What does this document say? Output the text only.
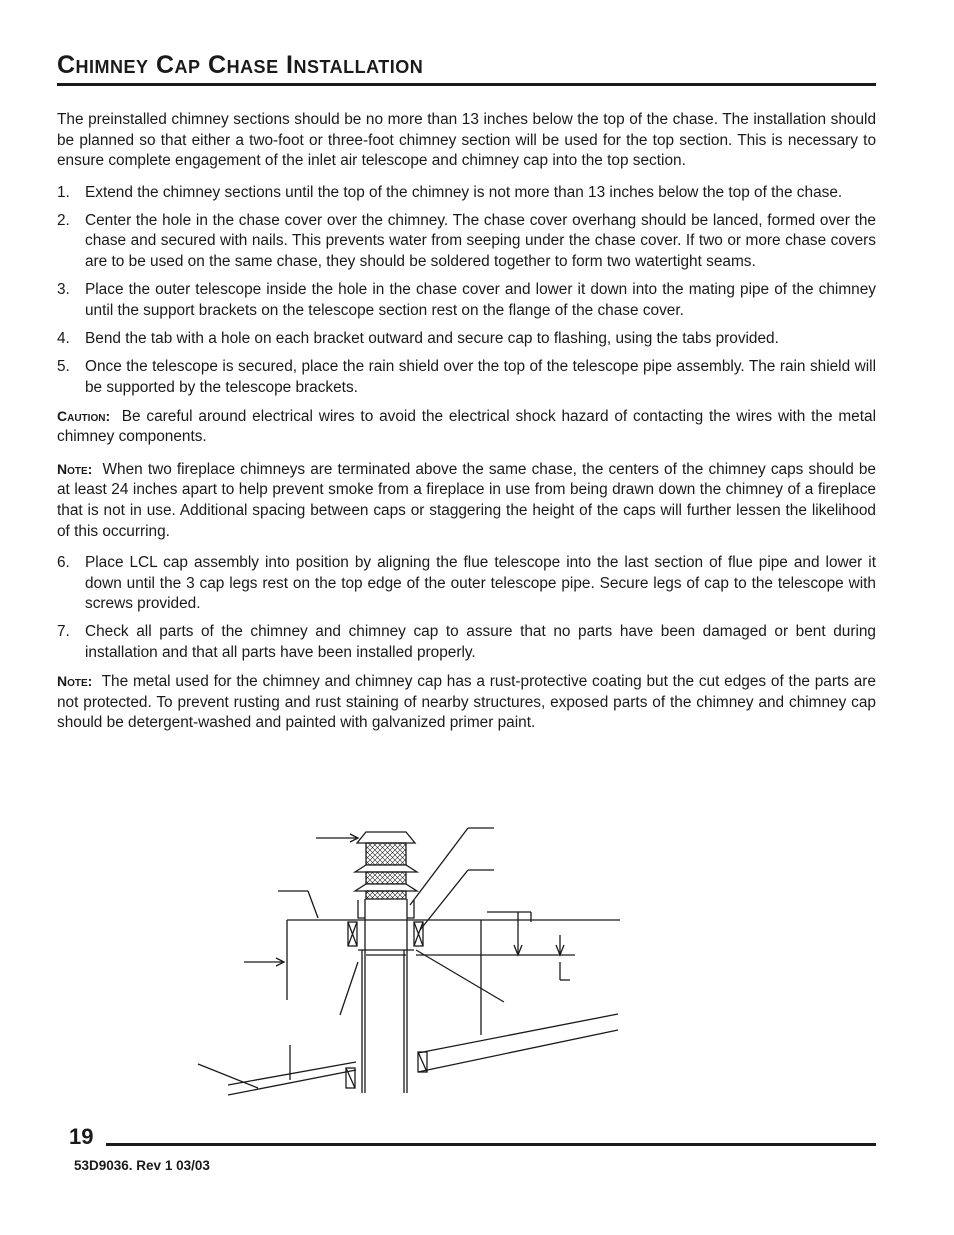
Chimney Cap Chase Installation

The preinstalled chimney sections should be no more than 13 inches below the top of the chase. The installation should be planned so that either a two-foot or three-foot chimney section will be used for the top section. This is necessary to ensure complete engagement of the inlet air telescope and chimney cap into the top section.

1. Extend the chimney sections until the top of the chimney is not more than 13 inches below the top of the chase.
2. Center the hole in the chase cover over the chimney. The chase cover overhang should be lanced, formed over the chase and secured with nails. This prevents water from seeping under the chase cover. If two or more chase covers are to be used on the same chase, they should be soldered together to form two watertight seams.
3. Place the outer telescope inside the hole in the chase cover and lower it down into the mating pipe of the chimney until the support brackets on the telescope section rest on the flange of the chase cover.
4. Bend the tab with a hole on each bracket outward and secure cap to flashing, using the tabs provided.
5. Once the telescope is secured, place the rain shield over the top of the telescope pipe assembly. The rain shield will be supported by the telescope brackets.

Caution: Be careful around electrical wires to avoid the electrical shock hazard of contacting the wires with the metal chimney components.

Note: When two fireplace chimneys are terminated above the same chase, the centers of the chimney caps should be at least 24 inches apart to help prevent smoke from a fireplace in use from being drawn down the chimney of a fireplace that is not in use. Additional spacing between caps or staggering the height of the caps will further lessen the likelihood of this occurring.

6. Place LCL cap assembly into position by aligning the flue telescope into the last section of flue pipe and lower it down until the 3 cap legs rest on the top edge of the outer telescope pipe. Secure legs of cap to the telescope with screws provided.
7. Check all parts of the chimney and chimney cap to assure that no parts have been damaged or bent during installation and that all parts have been installed properly.

Note: The metal used for the chimney and chimney cap has a rust-protective coating but the cut edges of the parts are not protected. To prevent rusting and rust staining of nearby structures, exposed parts of the chimney and chimney cap should be detergent-washed and painted with galvanized primer paint.

19
53D9036. Rev 1 03/03
